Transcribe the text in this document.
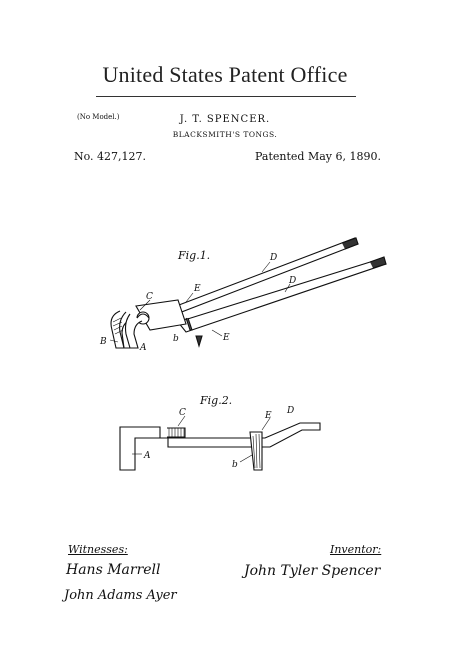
United States Patent Office
(No Model.)	J. T. SPENCER.
BLACKSMITH'S TONGS.
No. 427,127.	Patented May 6, 1890.
Fig.1.
C
E
D
D
B
A
b	E
Fig.2.
C	E D
A
b
Witnesses:	Inventor:
Hans Marrell
John Adams Ayer
John Tyler Spencer
